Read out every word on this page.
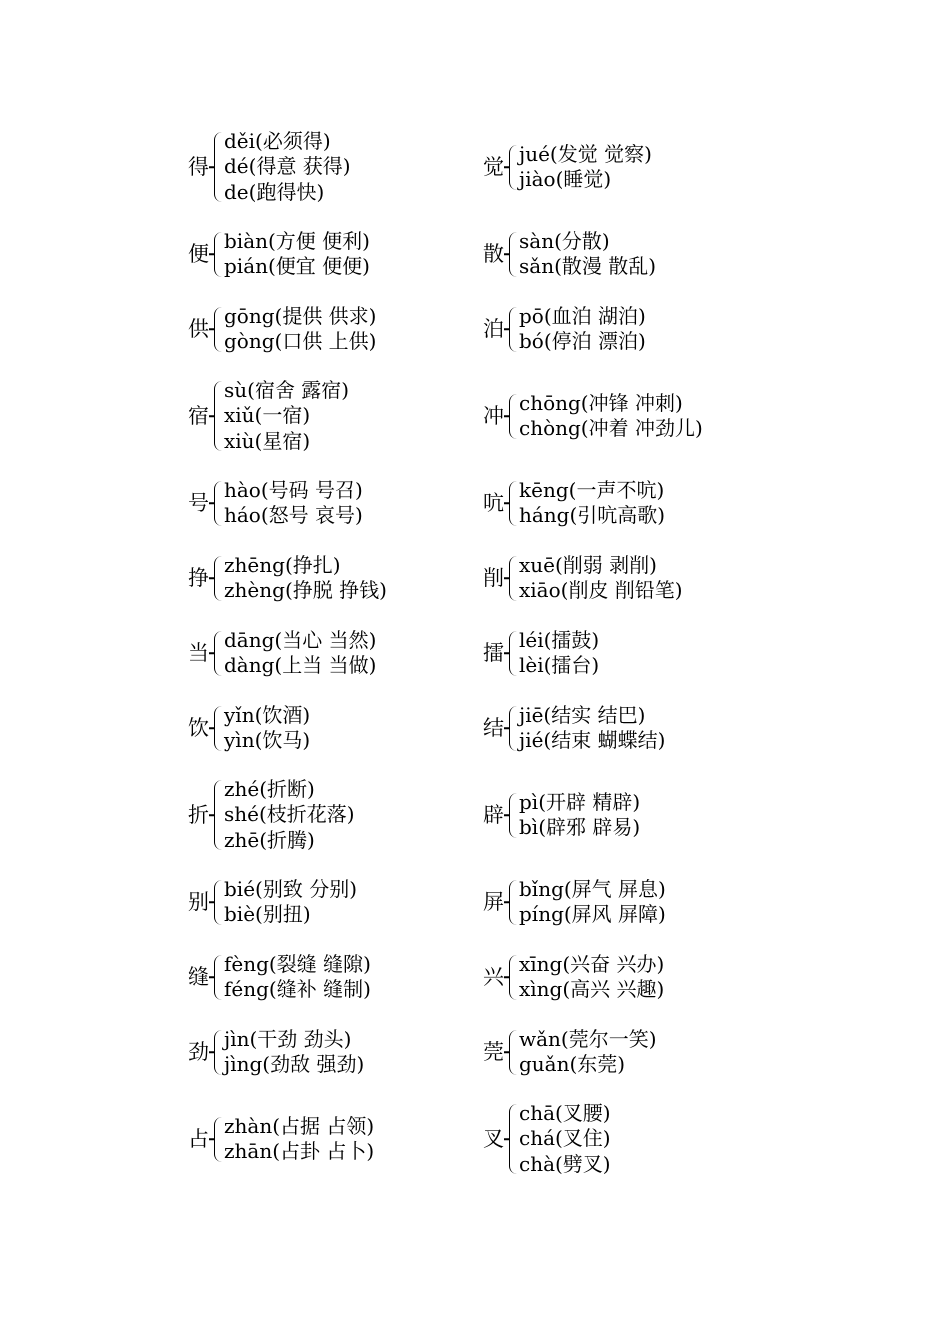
得
děi(必须得)
dé(得意 获得)
de(跑得快)
便
biàn(方便 便利)
pián(便宜 便便)
供
gōng(提供 供求)
gòng(口供 上供)
宿
sù(宿舍 露宿)
xiǔ(一宿)
xiù(星宿)
号
hào(号码 号召)
háo(怒号 哀号)
挣
zhēng(挣扎)
zhèng(挣脱 挣钱)
当
dāng(当心 当然)
dàng(上当 当做)
饮
yǐn(饮酒)
yìn(饮马)
折
zhé(折断)
shé(枝折花落)
zhē(折腾)
别
bié(别致 分别)
biè(别扭)
缝
fèng(裂缝 缝隙)
féng(缝补 缝制)
劲
jìn(干劲 劲头)
jìng(劲敌 强劲)
占
zhàn(占据 占领)
zhān(占卦 占卜)
觉
jué(发觉 觉察)
jiào(睡觉)
散
sàn(分散)
sǎn(散漫 散乱)
泊
pō(血泊 湖泊)
bó(停泊 漂泊)
冲
chōng(冲锋 冲刺)
chòng(冲着 冲劲儿)
吭
kēng(一声不吭)
háng(引吭高歌)
削
xuē(削弱 剥削)
xiāo(削皮 削铅笔)
擂
léi(擂鼓)
lèi(擂台)
结
jiē(结实 结巴)
jié(结束 蝴蝶结)
辟
pì(开辟 精辟)
bì(辟邪 辟易)
屏
bǐng(屏气 屏息)
píng(屏风 屏障)
兴
xīng(兴奋 兴办)
xìng(高兴 兴趣)
莞
wǎn(莞尔一笑)
guǎn(东莞)
叉
chā(叉腰)
chá(叉住)
chà(劈叉)
